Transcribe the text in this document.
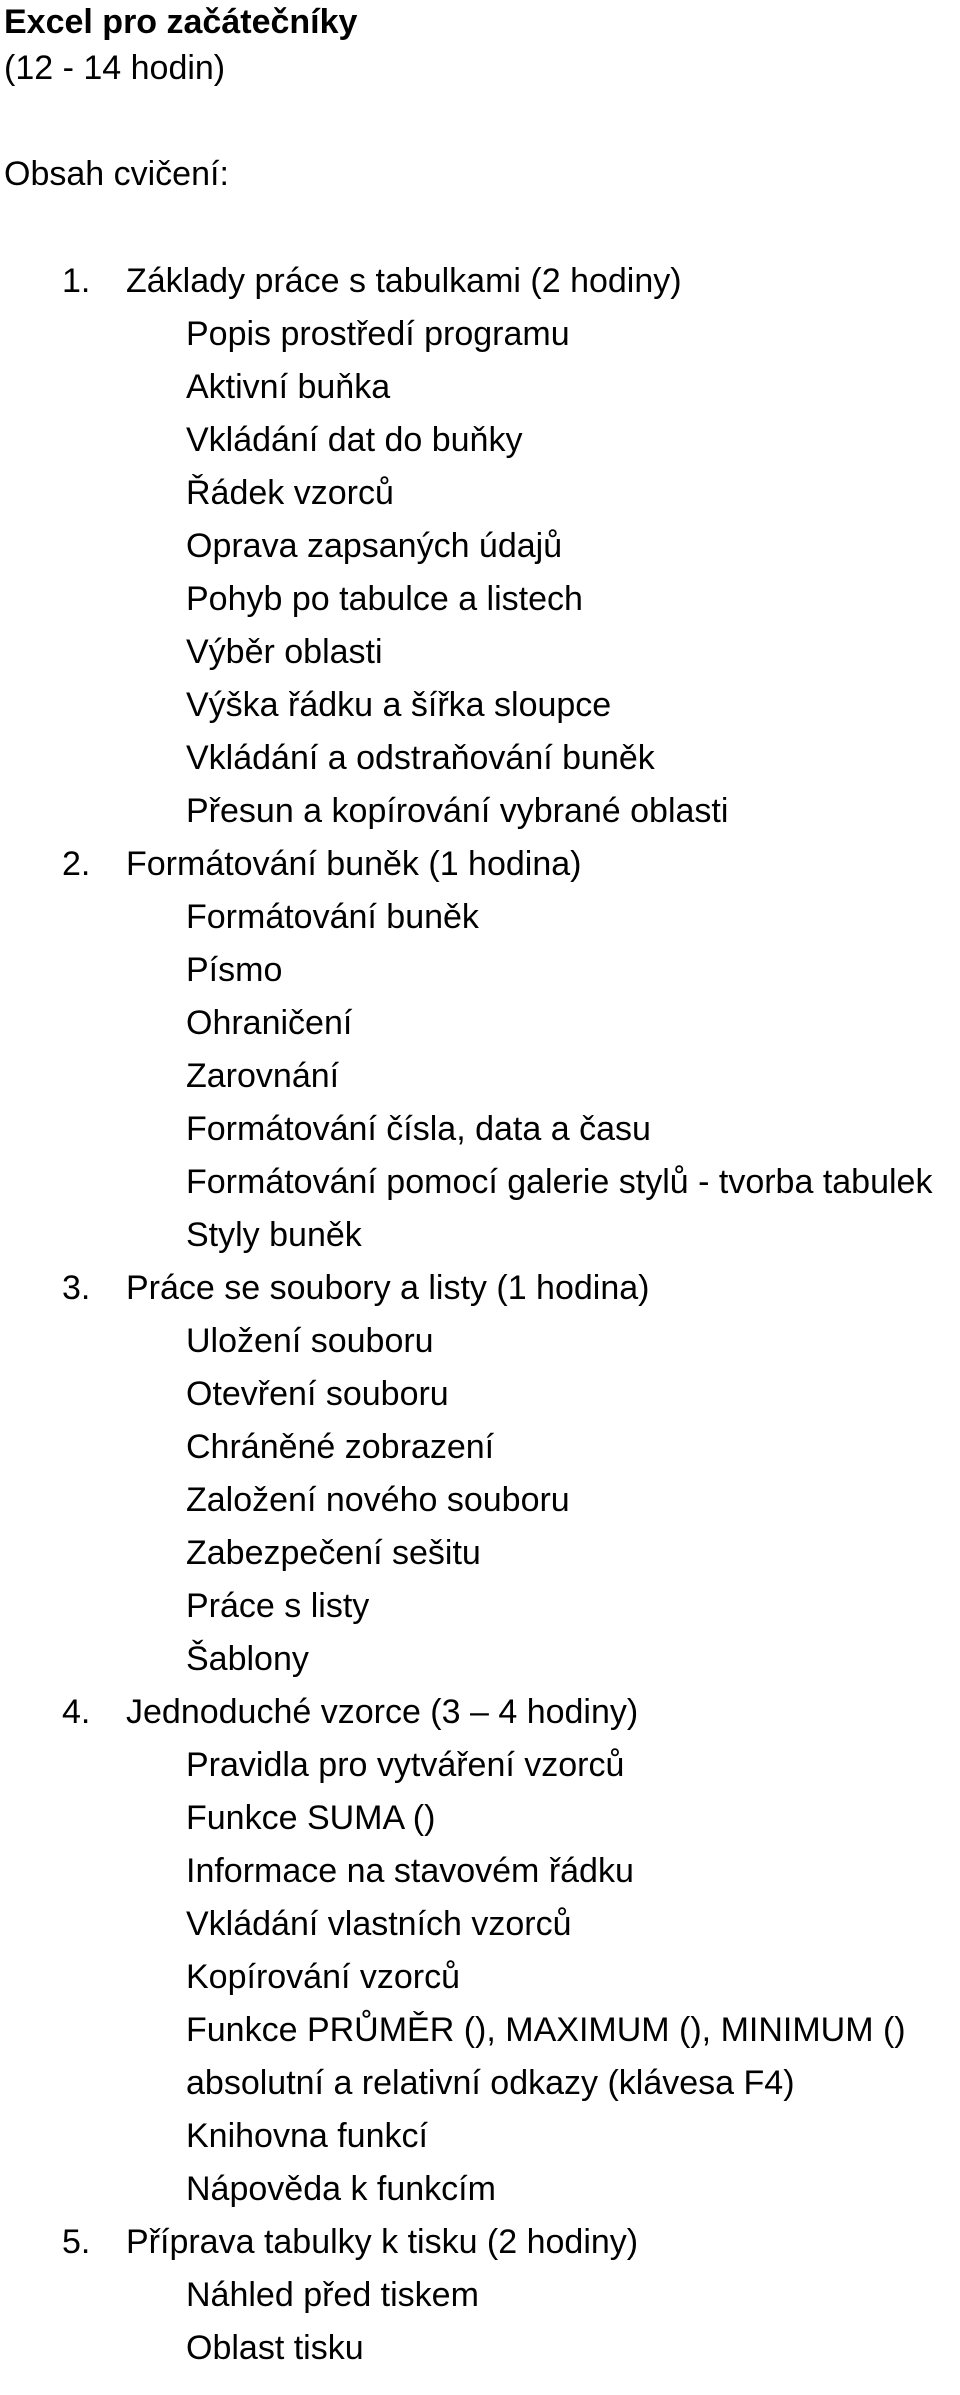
Excel pro začátečníky
(12 - 14 hodin)
Obsah cvičení:
1. Základy práce s tabulkami (2 hodiny)
Popis prostředí programu
Aktivní buňka
Vkládání dat do buňky
Řádek vzorců
Oprava zapsaných údajů
Pohyb po tabulce a listech
Výběr oblasti
Výška řádku a šířka sloupce
Vkládání a odstraňování buněk
Přesun a kopírování vybrané oblasti
2. Formátování buněk (1 hodina)
Formátování buněk
Písmo
Ohraničení
Zarovnání
Formátování čísla, data a času
Formátování pomocí galerie stylů - tvorba tabulek
Styly buněk
3. Práce se soubory a listy (1 hodina)
Uložení souboru
Otevření souboru
Chráněné zobrazení
Založení nového souboru
Zabezpečení sešitu
Práce s listy
Šablony
4. Jednoduché vzorce (3 – 4 hodiny)
Pravidla pro vytváření vzorců
Funkce SUMA ()
Informace na stavovém řádku
Vkládání vlastních vzorců
Kopírování vzorců
Funkce PRŮMĚR (), MAXIMUM (), MINIMUM ()
absolutní a relativní odkazy (klávesa F4)
Knihovna funkcí
Nápověda k funkcím
5. Příprava tabulky k tisku (2 hodiny)
Náhled před tiskem
Oblast tisku
